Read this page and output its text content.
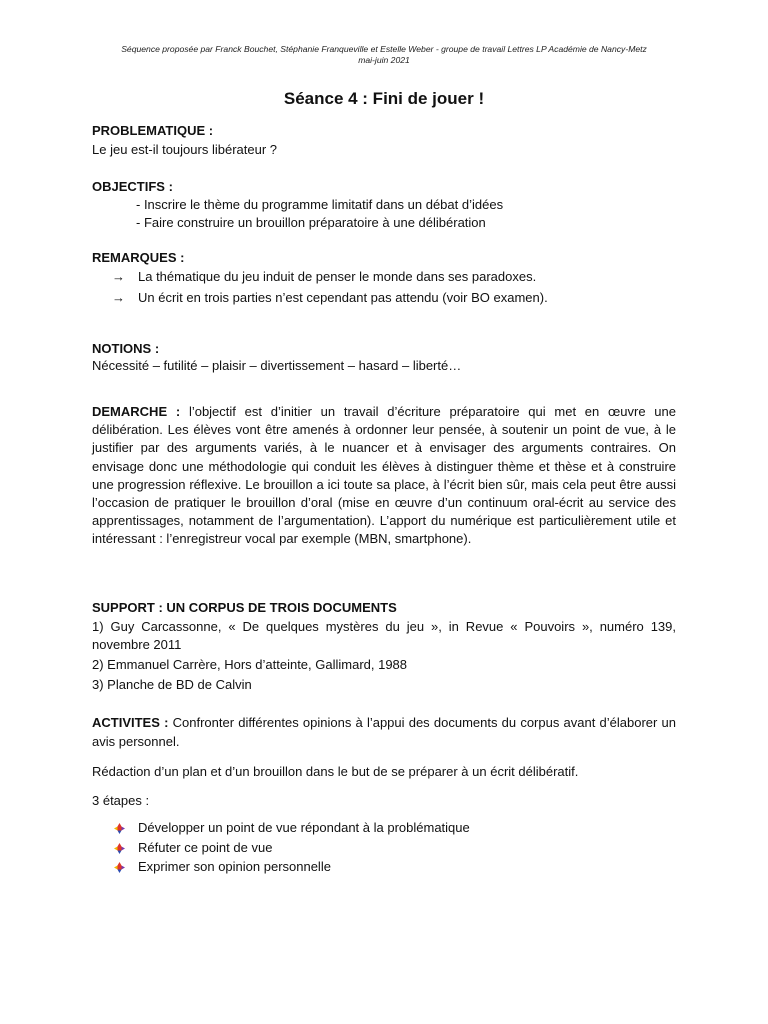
Séquence proposée par Franck Bouchet, Stéphanie Franqueville et Estelle Weber - groupe de travail Lettres LP Académie de Nancy-Metz
mai-juin 2021
Séance 4 : Fini de jouer !
PROBLEMATIQUE :
Le jeu est-il toujours libérateur ?
OBJECTIFS :
- Inscrire le thème du programme limitatif dans un débat d’idées
- Faire construire un brouillon préparatoire à une délibération
REMARQUES :
→ La thématique du jeu induit de penser le monde dans ses paradoxes.
→ Un écrit en trois parties n’est cependant pas attendu (voir BO examen).
NOTIONS :
Nécessité – futilité – plaisir – divertissement – hasard – liberté…
DEMARCHE : l’objectif est d’initier un travail d’écriture préparatoire qui met en œuvre une délibération. Les élèves vont être amenés à ordonner leur pensée, à soutenir un point de vue, à le justifier par des arguments variés, à le nuancer et à envisager des arguments contraires. On envisage donc une méthodologie qui conduit les élèves à distinguer thème et thèse et à construire une progression réflexive. Le brouillon a ici toute sa place, à l’écrit bien sûr, mais cela peut être aussi l’occasion de pratiquer le brouillon d’oral (mise en œuvre d’un continuum oral-écrit au service des apprentissages, notamment de l’argumentation). L’apport du numérique est particulièrement utile et intéressant : l’enregistreur vocal par exemple (MBN, smartphone).
SUPPORT : UN CORPUS DE TROIS DOCUMENTS
1) Guy Carcassonne, « De quelques mystères du jeu », in Revue « Pouvoirs », numéro 139, novembre 2011
2) Emmanuel Carrère, Hors d’atteinte, Gallimard, 1988
3) Planche de BD de Calvin
ACTIVITES : Confronter différentes opinions à l’appui des documents du corpus avant d’élaborer un avis personnel.
Rédaction d’un plan et d’un brouillon dans le but de se préparer à un écrit délibératif.
3 étapes :
Développer un point de vue répondant à la problématique
Réfuter ce point de vue
Exprimer son opinion personnelle
